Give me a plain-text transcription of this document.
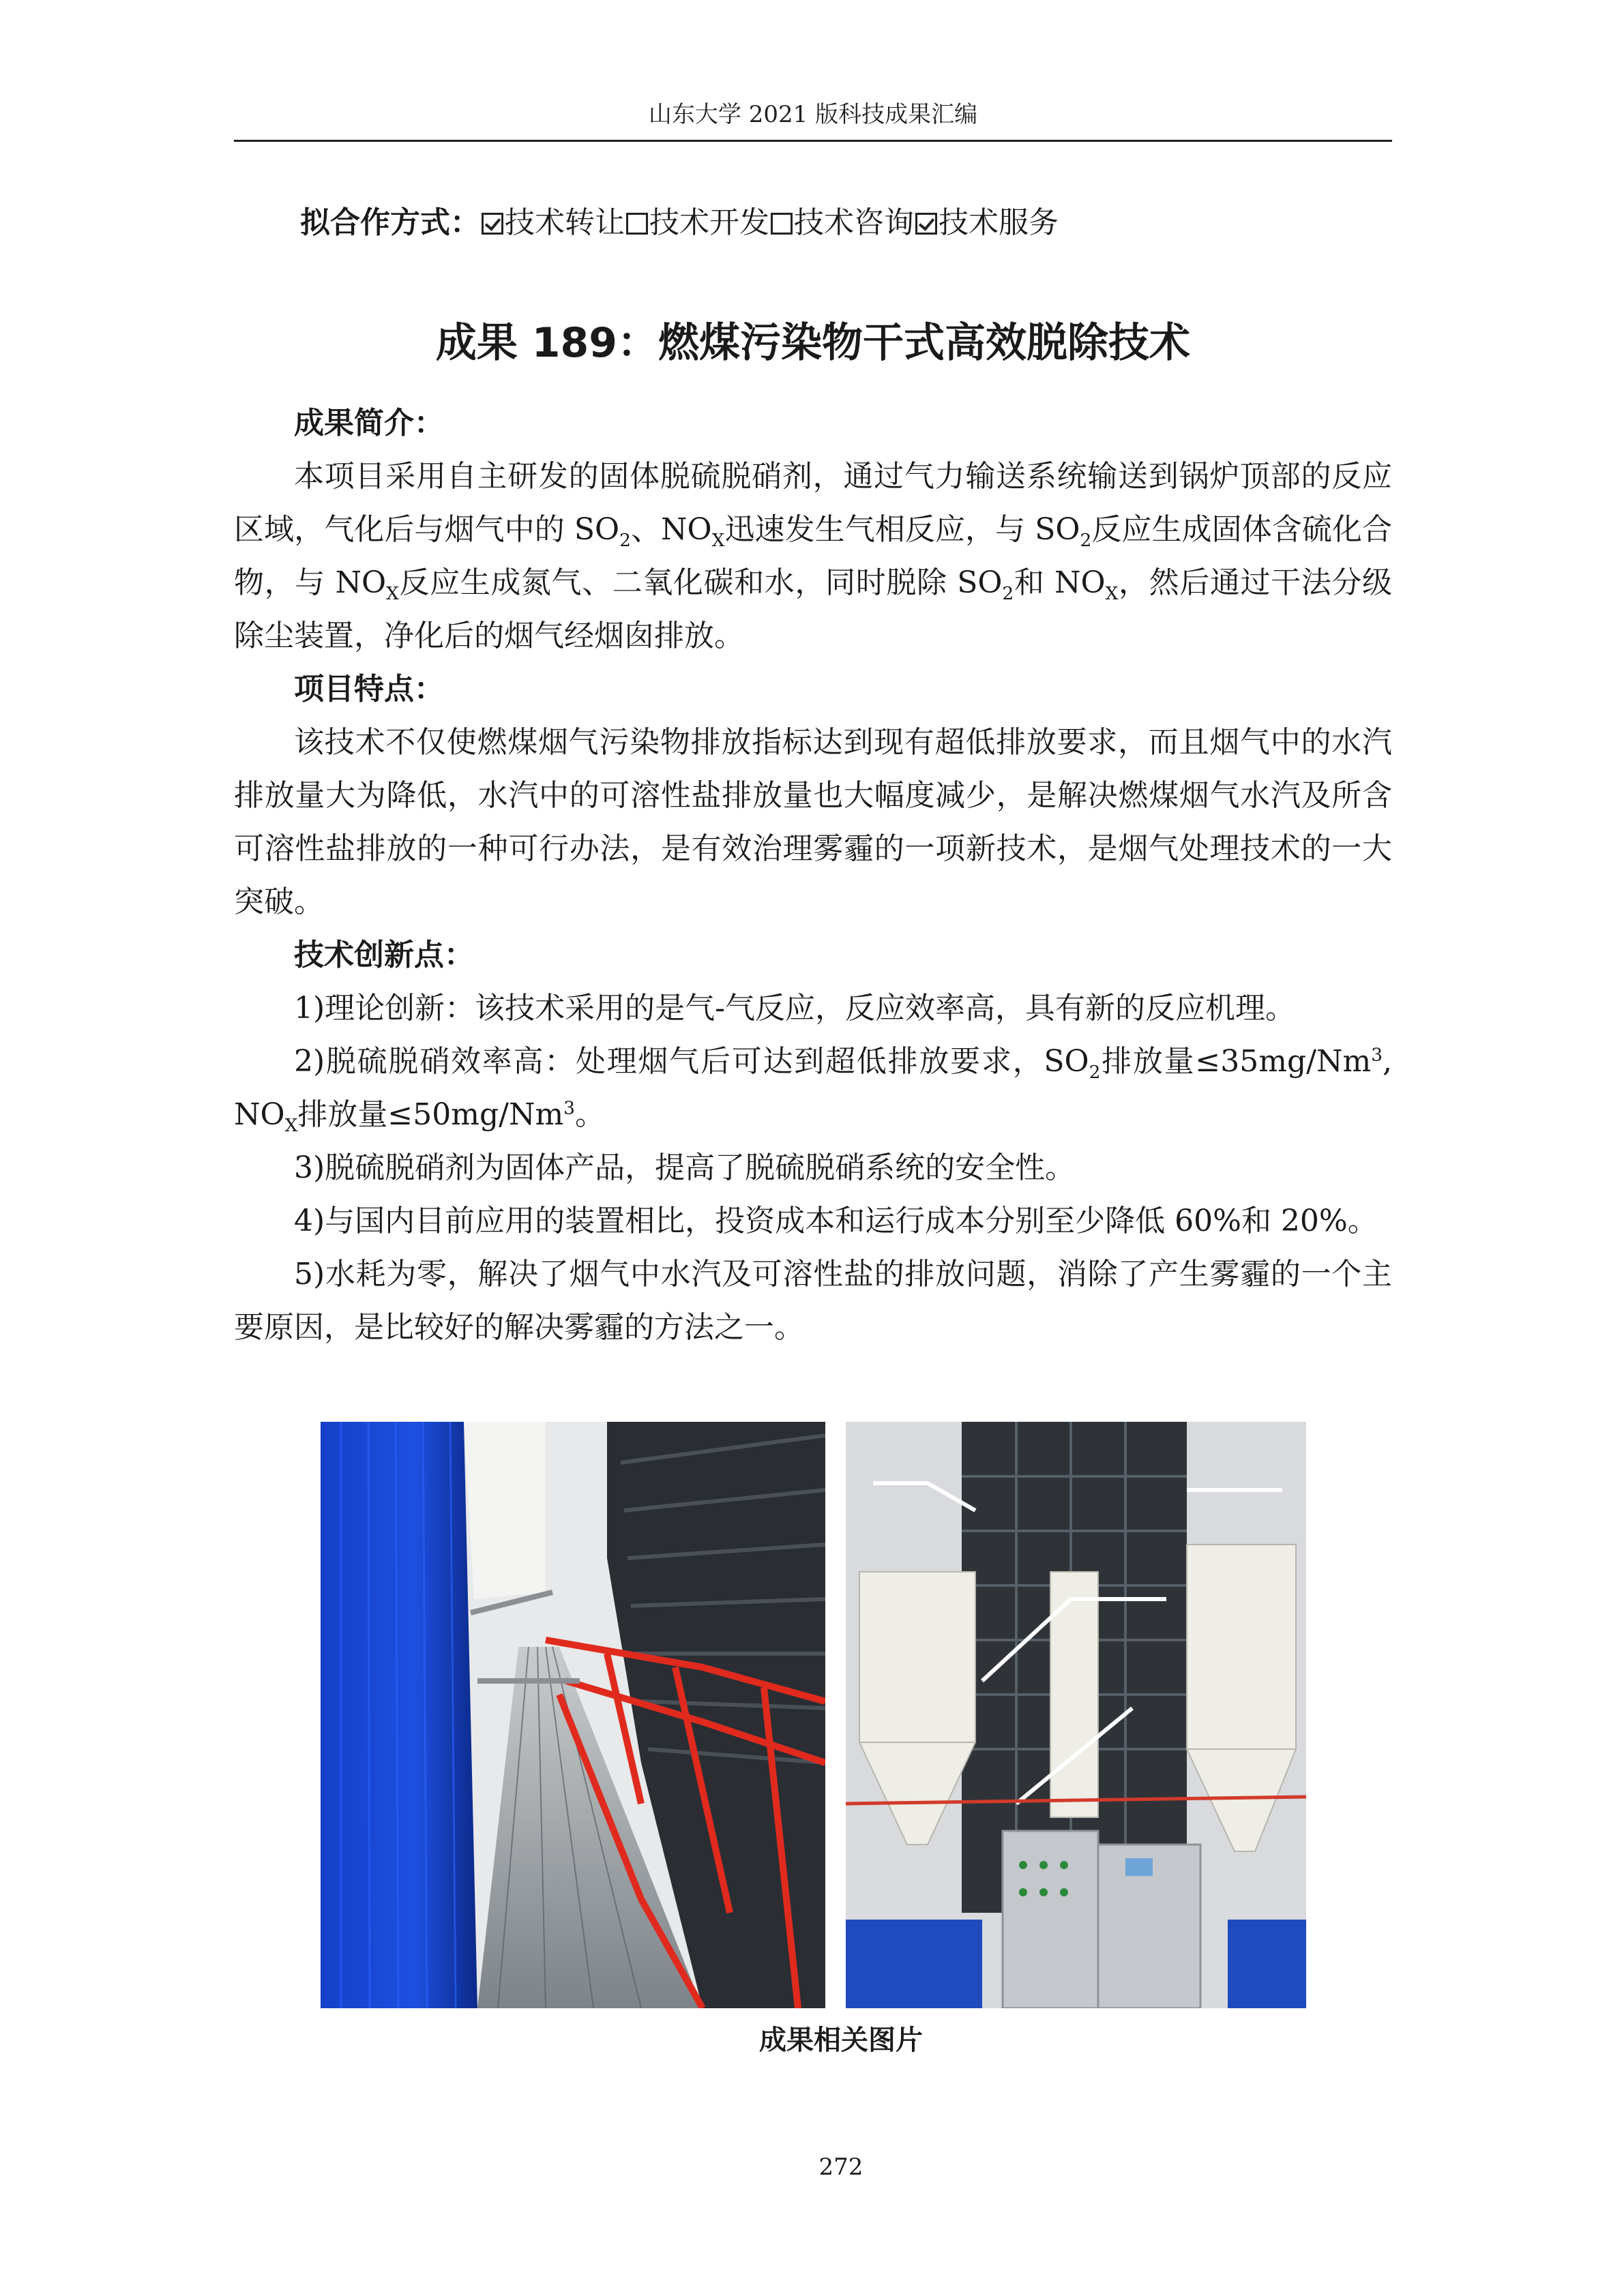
山东大学 2021 版科技成果汇编
拟合作方式： 技术转让 技术开发 技术咨询 技术服务
成果 189：燃煤污染物干式高效脱除技术

成果简介：

本项目采用自主研发的固体脱硫脱硝剂，通过气力输送系统输送到锅炉顶部的反应区域，气化后与烟气中的 $SO_2$、$NO_X$迅速发生气相反应，与 $SO_2$反应生成固体含硫化合物，与 $NO_X$反应生成氮气、二氧化碳和水，同时脱除 $SO_2$和 $NO_X$，然后通过干法分级除尘装置，净化后的烟气经烟囱排放。

项目特点：

该技术不仅使燃煤烟气污染物排放指标达到现有超低排放要求，而且烟气中的水汽排放量大为降低，水汽中的可溶性盐排放量也大幅度减少，是解决燃煤烟气水汽及所含可溶性盐排放的一种可行办法，是有效治理雾霾的一项新技术，是烟气处理技术的一大突破。

技术创新点：

1)理论创新：该技术采用的是气-气反应，反应效率高，具有新的反应机理。

2)脱硫脱硝效率高：处理烟气后可达到超低排放要求，$SO_2$排放量$\le 35mg/Nm^3$, $NO_X$排放量$\le 50mg/Nm^3$。

3)脱硫脱硝剂为固体产品，提高了脱硫脱硝系统的安全性。

4)与国内目前应用的装置相比，投资成本和运行成本分别至少降低 60%和 20%。

5)水耗为零，解决了烟气中水汽及可溶性盐的排放问题，消除了产生雾霾的一个主要原因，是比较好的解决雾霾的方法之一。

成果相关图片
272
